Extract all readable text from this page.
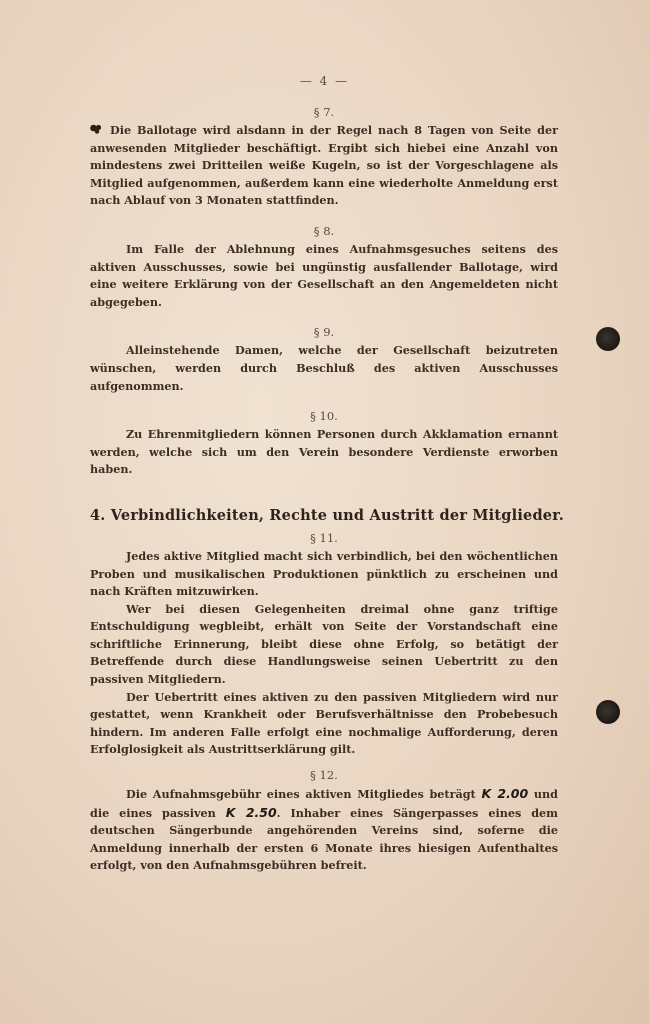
— 4 —
§ 7.

Die Ballotage wird alsdann in der Regel nach 8 Tagen von Seite der anwesenden Mitglieder beschäftigt. Ergibt sich hiebei eine Anzahl von mindestens zwei Dritteilen weiße Kugeln, so ist der Vorgeschlagene als Mitglied aufgenommen, außerdem kann eine wiederholte Anmeldung erst nach Ablauf von 3 Monaten stattfinden.

§ 8.

Im Falle der Ablehnung eines Aufnahmsgesuches seitens des aktiven Ausschusses, sowie bei ungünstig ausfallender Ballotage, wird eine weitere Erklärung von der Gesellschaft an den Angemeldeten nicht abgegeben.

§ 9.

Alleinstehende Damen, welche der Gesellschaft beizutreten wünschen, werden durch Beschluß des aktiven Ausschusses aufgenommen.

§ 10.

Zu Ehrenmitgliedern können Personen durch Akklamation ernannt werden, welche sich um den Verein besondere Verdienste erworben haben.

4. Verbindlichkeiten, Rechte und Austritt der Mitglieder.
§ 11.

Jedes aktive Mitglied macht sich verbindlich, bei den wöchentlichen Proben und musikalischen Produktionen pünktlich zu erscheinen und nach Kräften mitzuwirken.

Wer bei diesen Gelegenheiten dreimal ohne ganz triftige Entschuldigung wegbleibt, erhält von Seite der Vorstandschaft eine schriftliche Erinnerung, bleibt diese ohne Erfolg, so betätigt der Betreffende durch diese Handlungsweise seinen Uebertritt zu den passiven Mitgliedern.

Der Uebertritt eines aktiven zu den passiven Mitgliedern wird nur gestattet, wenn Krankheit oder Berufsverhältnisse den Probebesuch hindern. Im anderen Falle erfolgt eine nochmalige Aufforderung, deren Erfolglosigkeit als Austrittserklärung gilt.

§ 12.

Die Aufnahmsgebühr eines aktiven Mitgliedes beträgt K 2.00 und die eines passiven K 2.50. Inhaber eines Sängerpasses eines dem deutschen Sängerbunde angehörenden Vereins sind, soferne die Anmeldung innerhalb der ersten 6 Monate ihres hiesigen Aufenthaltes erfolgt, von den Aufnahmsgebühren befreit.
